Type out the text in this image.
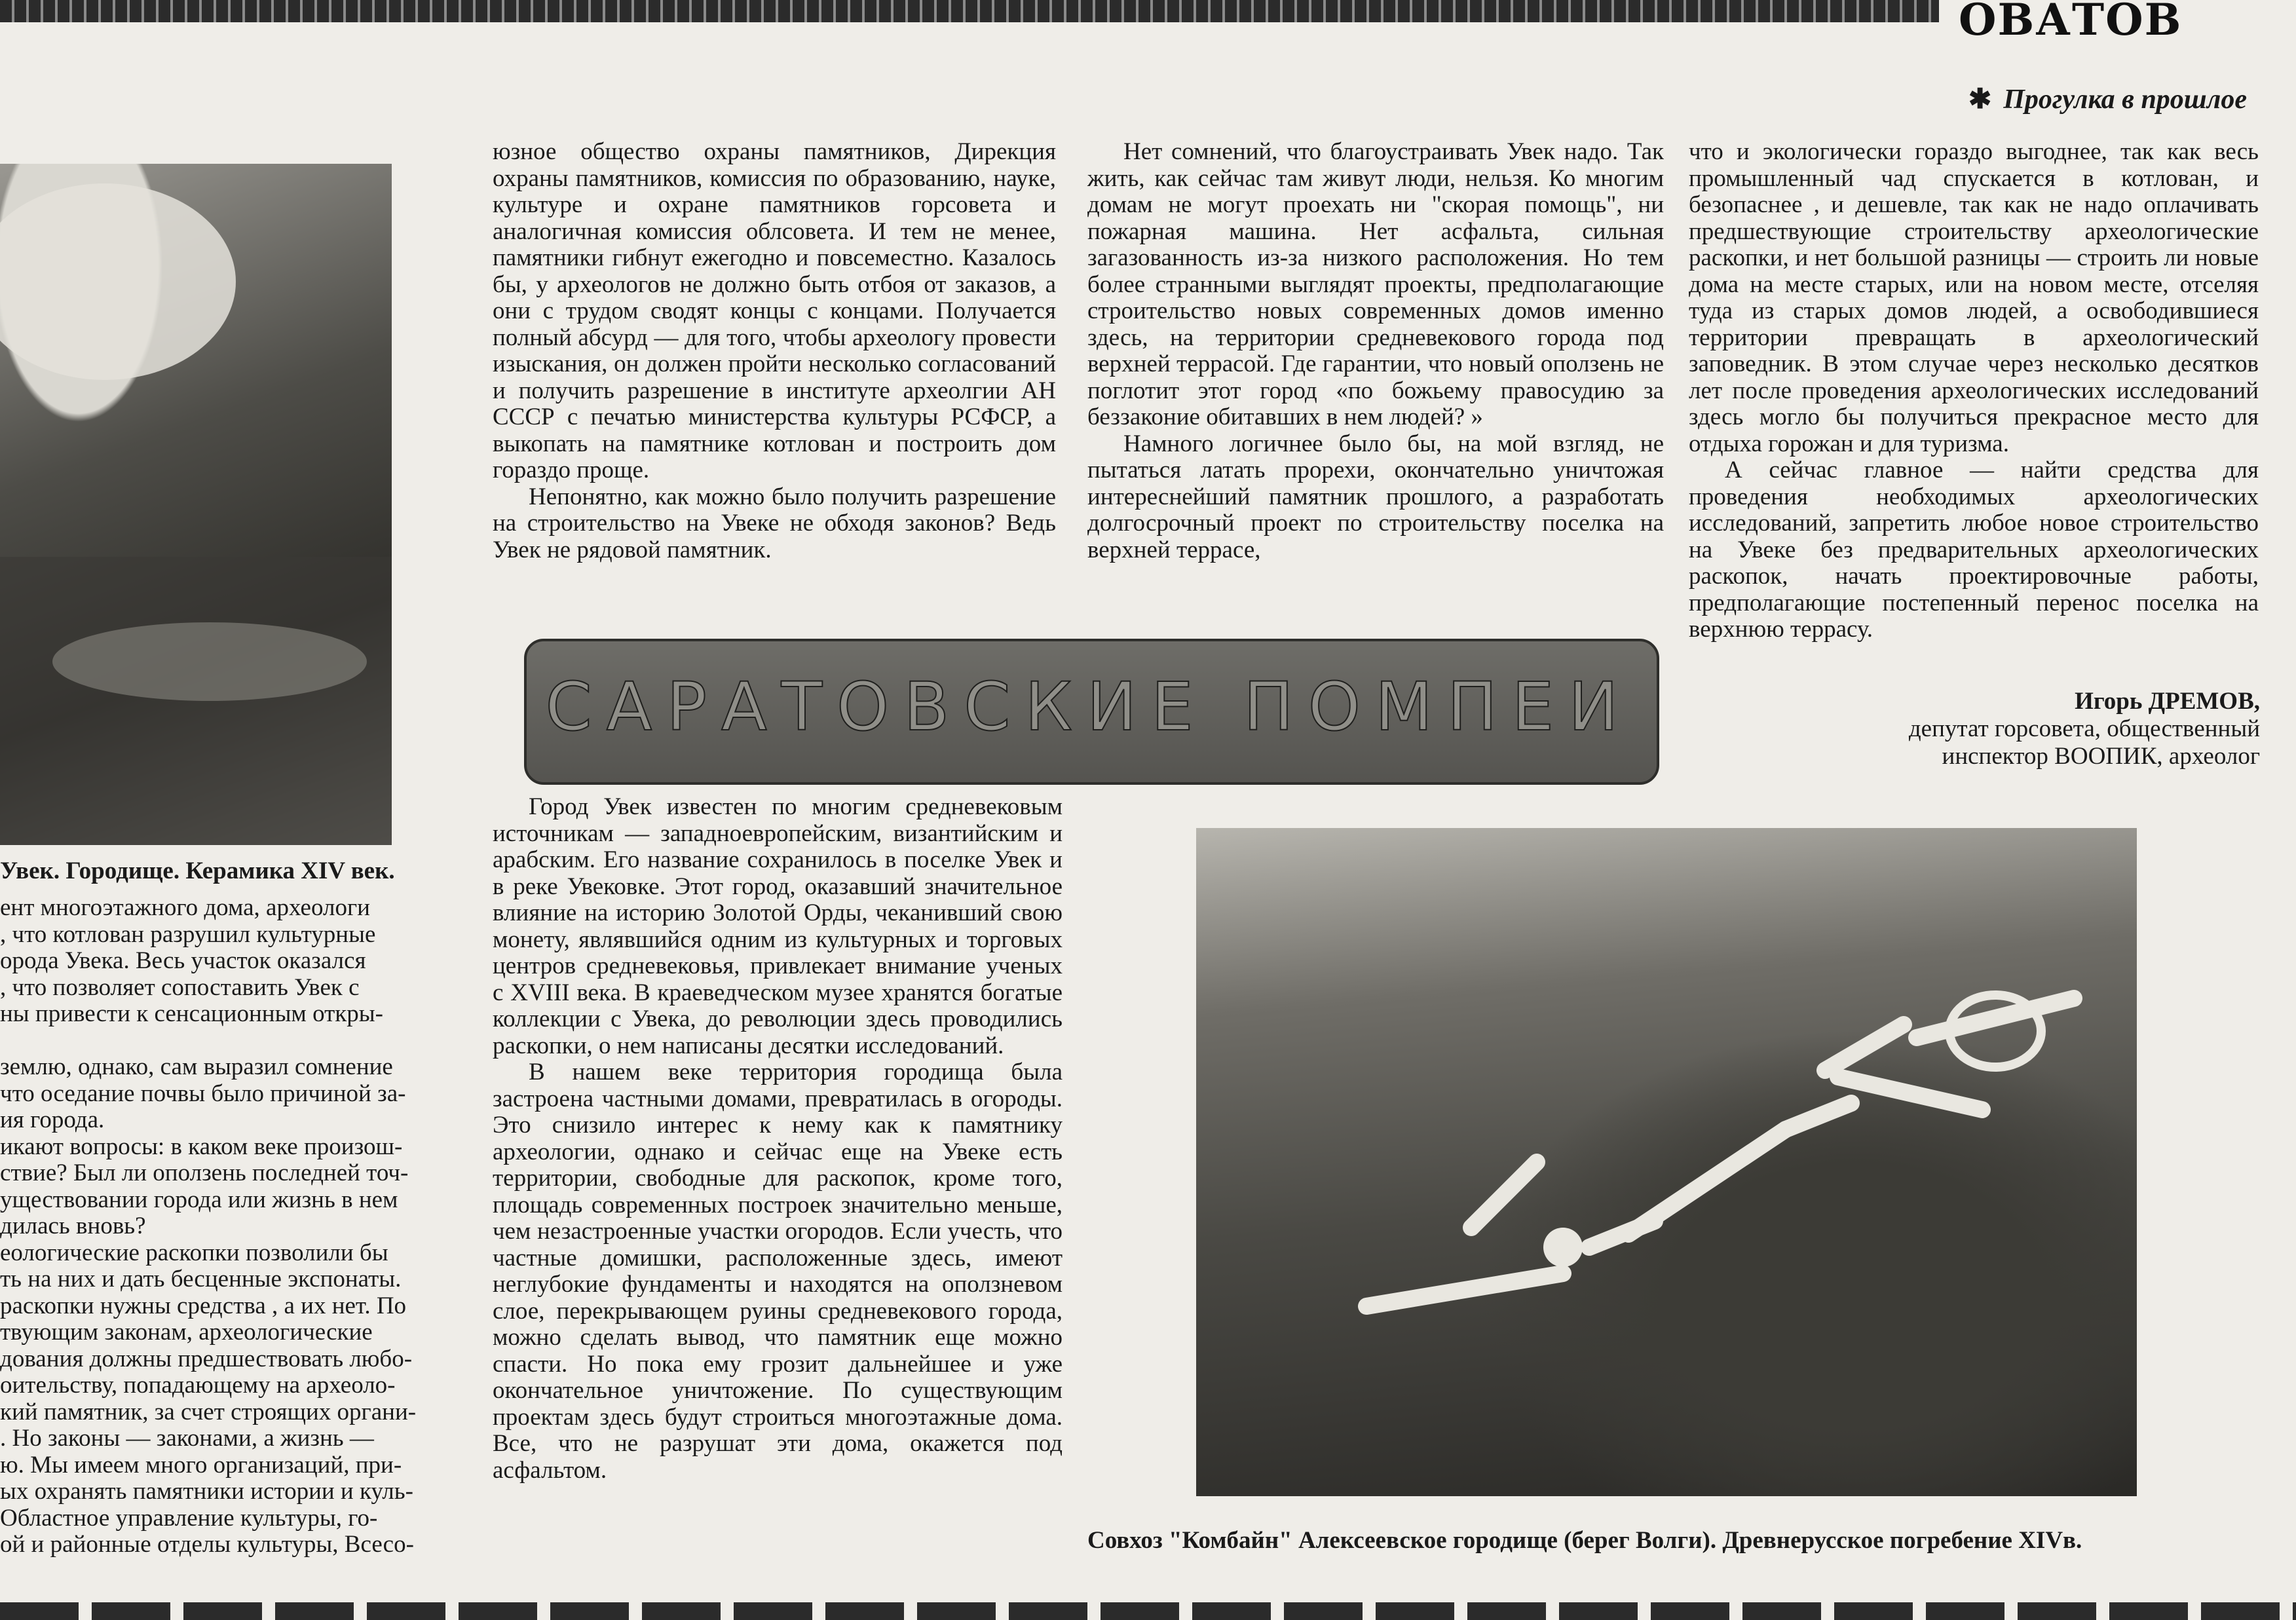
ОВАТОВ
✱ Прогулка в прошлое
Увек. Городище. Керамика XIV век.
ент многоэтажного дома, археологи
, что котлован разрушил культурные
орода Увека. Весь участок оказался
, что позволяет сопоставить Увек с
ны привести к сенсационным откры-
землю, однако, сам выразил сомнение
что оседание почвы было причиной за-
ия города.
икают вопросы: в каком веке произош-
ствие? Был ли оползень последней точ-
уществовании города или жизнь в нем
дилась вновь?
еологические раскопки позволили бы
ть на них и дать бесценные экспонаты.
раскопки нужны средства , а их нет. По
твующим законам, археологические
дования должны предшествовать любо-
оительству, попадающему на археоло-
кий памятник, за счет строящих органи-
. Но законы — законами, а жизнь —
ю. Мы имеем много организаций, при-
ых охранять памятники истории и куль-
Областное управление культуры, го-
ой и районные отделы культуры, Всесо-

юзное общество охраны памятников, Дирекция охраны памятников, комиссия по образованию, науке, культуре и охране памятников горсовета и аналогичная комиссия облсовета. И тем не менее, памятники гибнут ежегодно и повсеместно. Казалось бы, у археологов не должно быть отбоя от заказов, а они с трудом сводят концы с концами. Получается полный абсурд — для того, чтобы археологу провести изыскания, он должен пройти несколько согласований и получить разрешение в институте археолгии АН СССР с печатью министерства культуры РСФСР, а выкопать на памятнике котлован и построить дом гораздо проще.

Непонятно, как можно было получить разрешение на строительство на Увеке не обходя законов? Ведь Увек не рядовой памятник.

Нет сомнений, что благоустраивать Увек надо. Так жить, как сейчас там живут люди, нельзя. Ко многим домам не могут проехать ни "скорая помощь", ни пожарная машина. Нет асфальта, сильная загазованность из-за низкого расположения. Но тем более странными выглядят проекты, предполагающие строительство новых современных домов именно здесь, на территории средневекового города под верхней террасой. Где гарантии, что новый оползень не поглотит этот город «по божьему правосудию за беззаконие обитавших в нем людей? »

Намного логичнее было бы, на мой взгляд, не пытаться латать прорехи, окончательно уничтожая интереснейший памятник прошлого, а разработать долгосрочный проект по строительству поселка на верхней террасе,

что и экологически гораздо выгоднее, так как весь промышленный чад спускается в котлован, и безопаснее , и дешевле, так как не надо оплачивать предшествующие строительству археологические раскопки, и нет большой разницы — строить ли новые дома на месте старых, или на новом месте, отселяя туда из старых домов людей, а освободившиеся территории превращать в археологический заповедник. В этом случае через несколько десятков лет после проведения археологических исследований здесь могло бы получиться прекрасное место для отдыха горожан и для туризма.

А сейчас главное — найти средства для проведения необходимых археологических исследований, запретить любое новое строительство на Увеке без предварительных археологических раскопок, начать проектировочные работы, предполагающие постепенный перенос поселка на верхнюю террасу.

Игорь ДРЕМОВ,
депутат горсовета, общественный
инспектор ВООПИК, археолог
САРАТОВСКИЕ ПОМПЕИ

Город Увек известен по многим средневековым источникам — западноевропейским, византийским и арабским. Его название сохранилось в поселке Увек и в реке Увековке. Этот город, оказавший значительное влияние на историю Золотой Орды, чеканивший свою монету, являвшийся одним из культурных и торговых центров средневековья, привлекает внимание ученых с XVIII века. В краеведческом музее хранятся богатые коллекции с Увека, до революции здесь проводились раскопки, о нем написаны десятки исследований.

В нашем веке территория городища была застроена частными домами, превратилась в огороды. Это снизило интерес к нему как к памятнику археологии, однако и сейчас еще на Увеке есть территории, свободные для раскопок, кроме того, площадь современных построек значительно меньше, чем незастроенные участки огородов. Если учесть, что частные домишки, расположенные здесь, имеют неглубокие фундаменты и находятся на оползневом слое, перекрывающем руины средневекового города, можно сделать вывод, что памятник еще можно спасти. Но пока ему грозит дальнейшее и уже окончательное уничтожение. По существующим проектам здесь будут строиться многоэтажные дома. Все, что не разрушат эти дома, окажется под асфальтом.

Совхоз "Комбайн" Алексеевское городище (берег Волги). Древнерусское погребение XIVв.
